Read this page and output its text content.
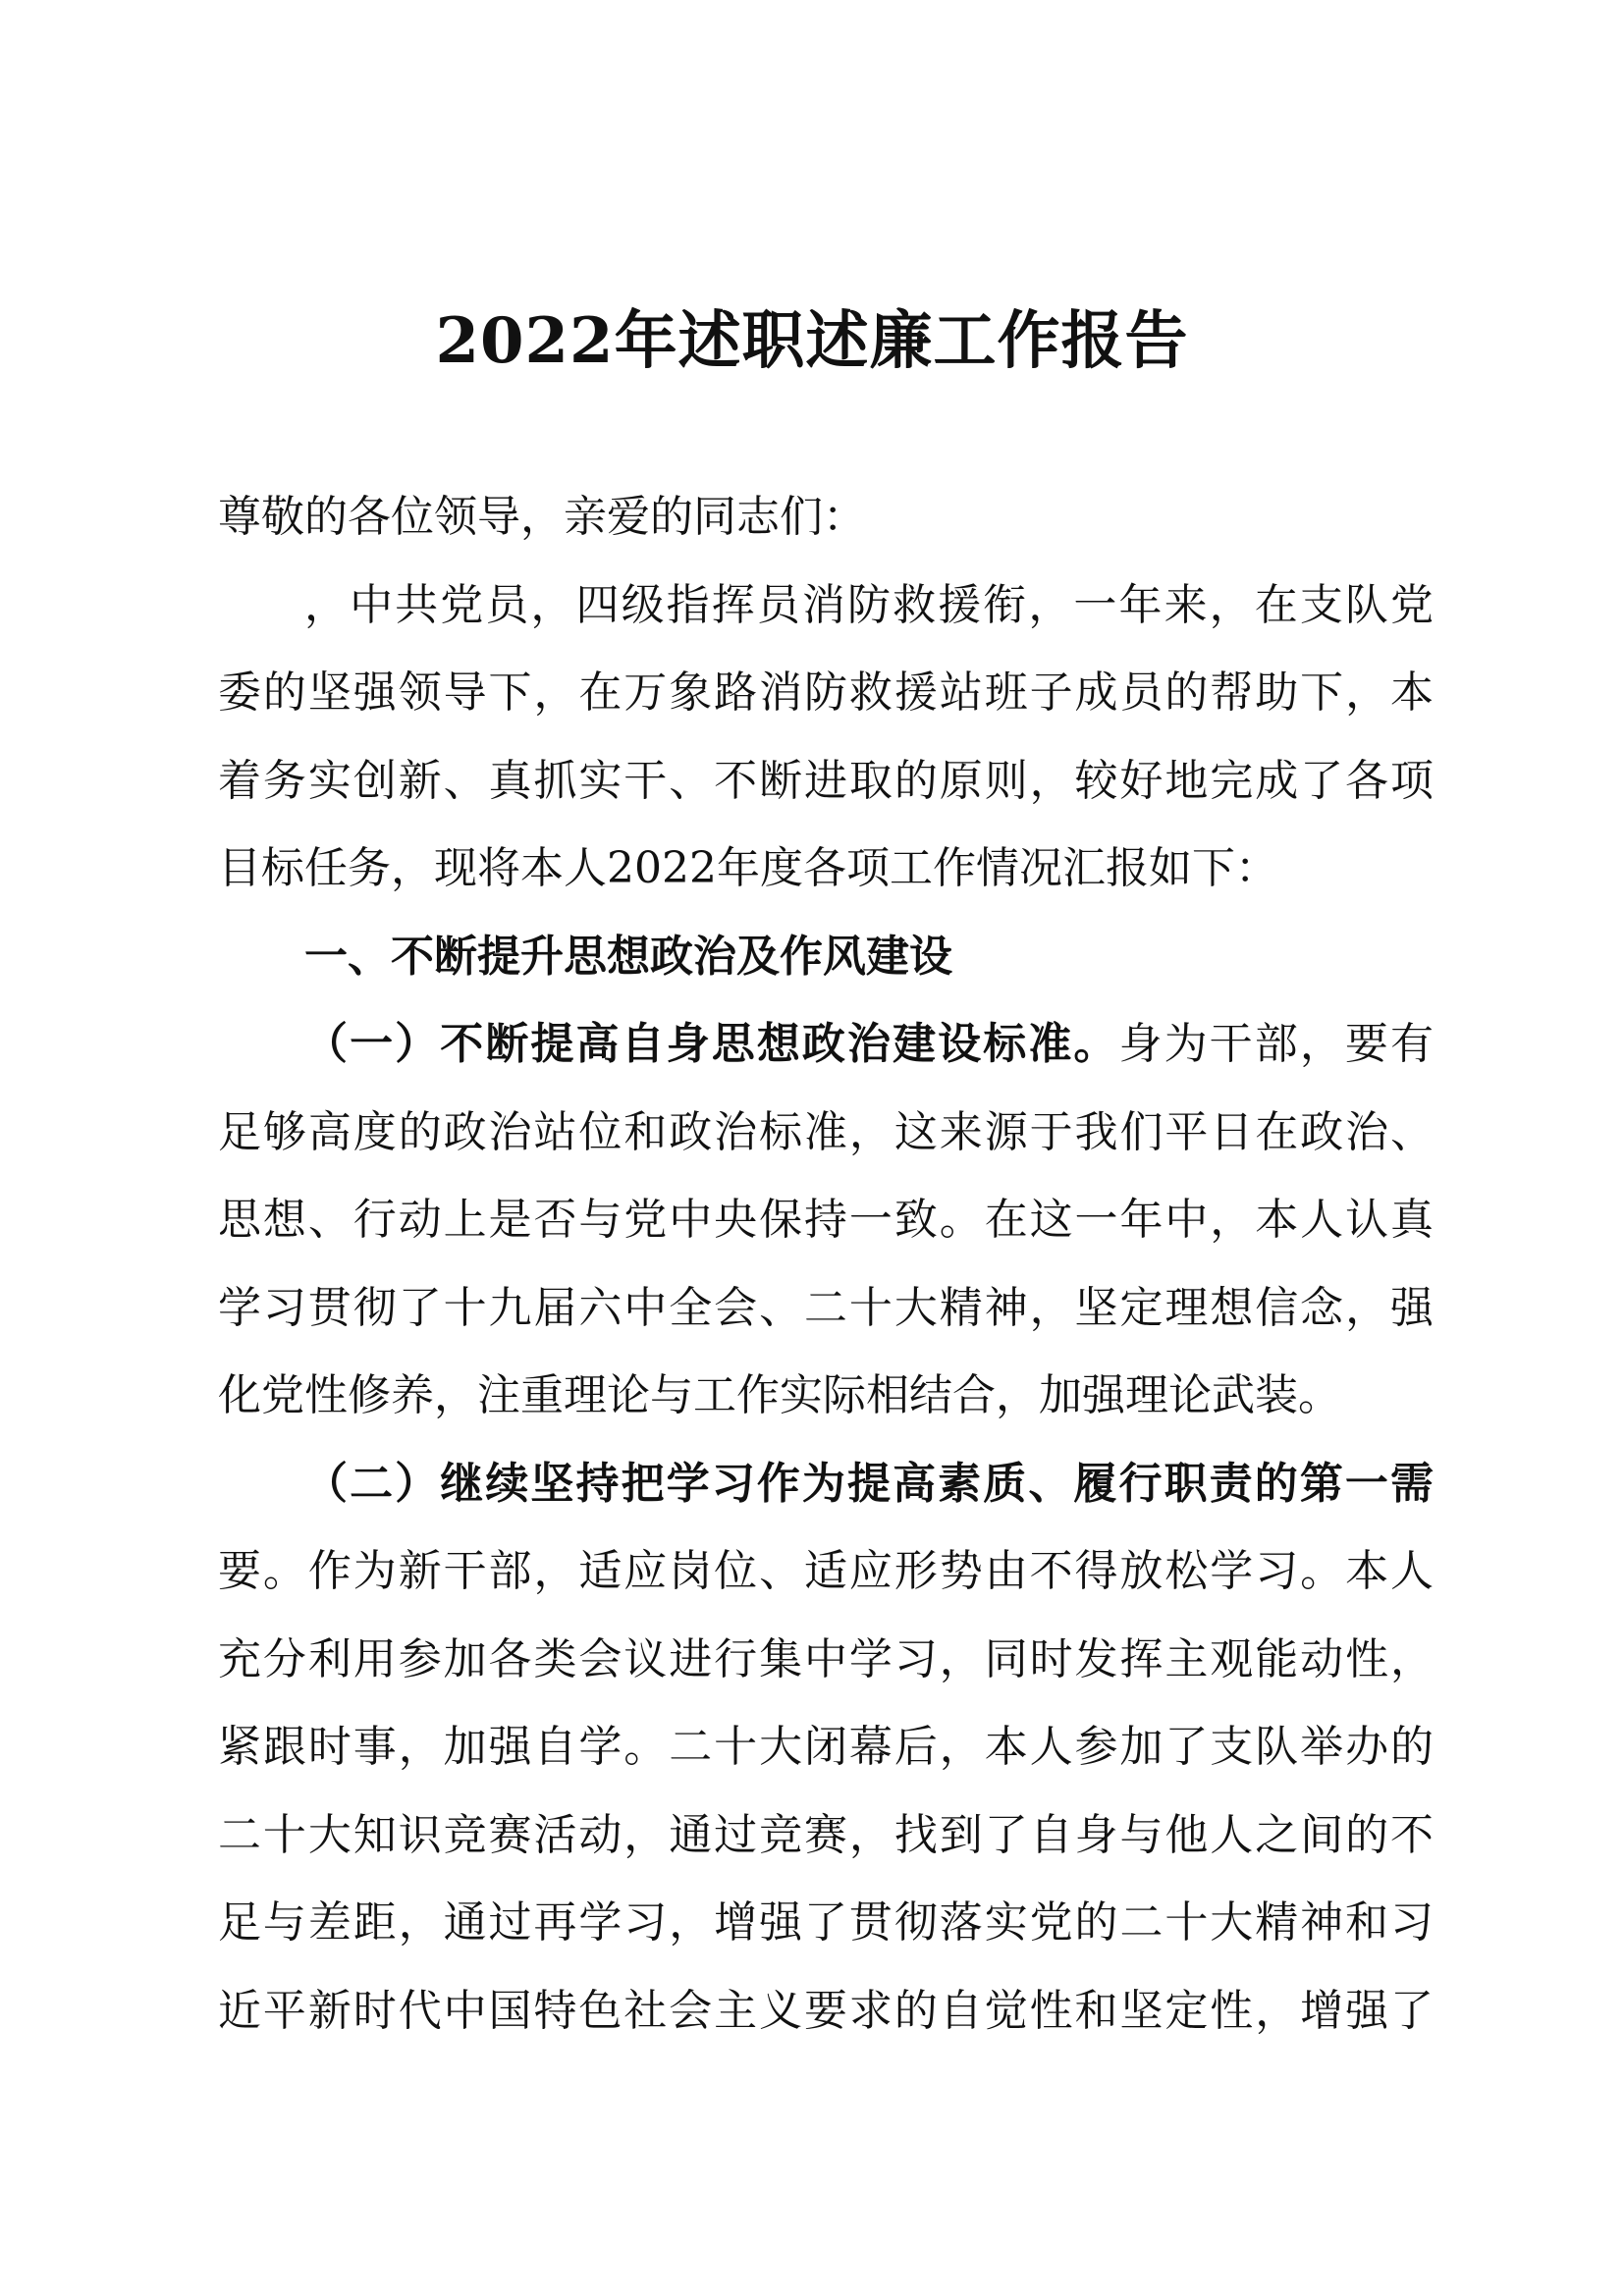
2022年述职述廉工作报告
尊敬的各位领导，亲爱的同志们：
，中共党员，四级指挥员消防救援衔，一年来，在支队党
委的坚强领导下，在万象路消防救援站班子成员的帮助下，本
着务实创新、真抓实干、不断进取的原则，较好地完成了各项
目标任务，现将本人2022年度各项工作情况汇报如下：
一、不断提升思想政治及作风建设
（一）不断提高自身思想政治建设标准。身为干部，要有
足够高度的政治站位和政治标准，这来源于我们平日在政治、
思想、行动上是否与党中央保持一致。在这一年中，本人认真
学习贯彻了十九届六中全会、二十大精神，坚定理想信念，强
化党性修养，注重理论与工作实际相结合，加强理论武装。
（二）继续坚持把学习作为提高素质、履行职责的第一需
要。作为新干部，适应岗位、适应形势由不得放松学习。本人
充分利用参加各类会议进行集中学习，同时发挥主观能动性，
紧跟时事，加强自学。二十大闭幕后，本人参加了支队举办的
二十大知识竞赛活动，通过竞赛，找到了自身与他人之间的不
足与差距，通过再学习，增强了贯彻落实党的二十大精神和习
近平新时代中国特色社会主义要求的自觉性和坚定性，增强了
